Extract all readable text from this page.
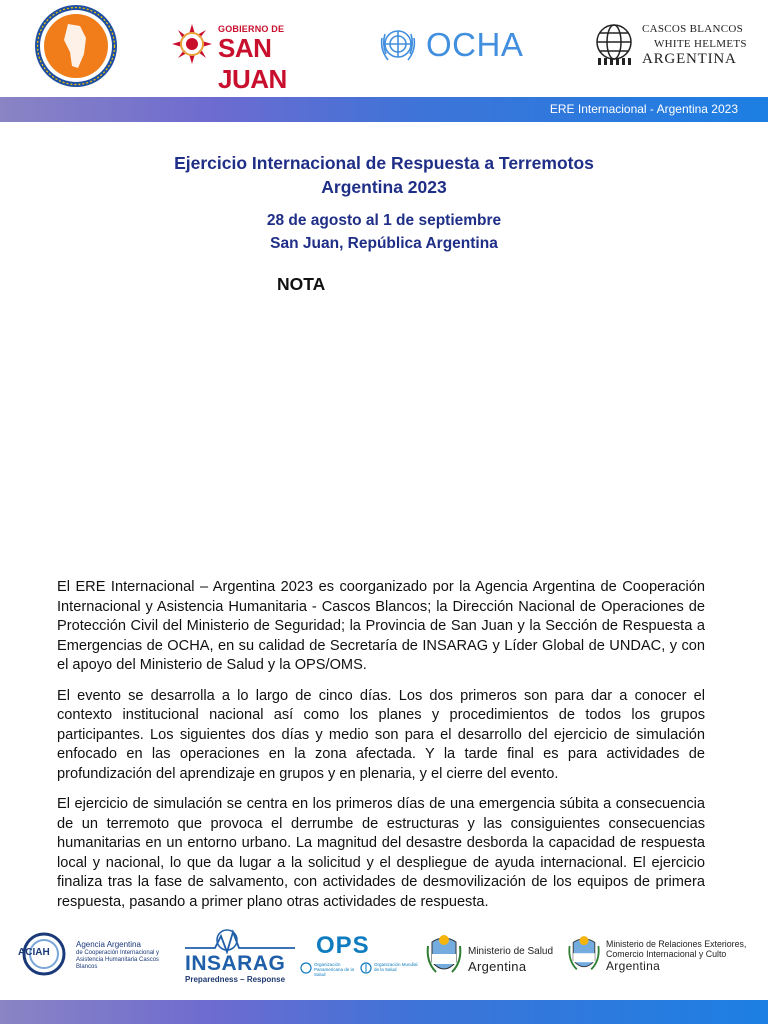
GOBIERNO DE
SAN JUAN
OCHA	CASCOS BLANCOS
WHITE HELMETS
ARGENTINA
ERE Internacional - Argentina 2023
Ejercicio Internacional de Respuesta a Terremotos
Argentina 2023
28 de agosto al 1 de septiembre
San Juan, República Argentina
NOTA

El ERE Internacional – Argentina 2023 es coorganizado por la Agencia Argentina de Cooperación Internacional y Asistencia Humanitaria - Cascos Blancos; la Dirección Nacional de Operaciones de Protección Civil del Ministerio de Seguridad; la Provincia de San Juan y la Sección de Respuesta a Emergencias de OCHA, en su calidad de Secretaría de INSARAG y Líder Global de UNDAC, y con el apoyo del Ministerio de Salud y la OPS/OMS.

El evento se desarrolla a lo largo de cinco días. Los dos primeros son para dar a conocer el contexto institucional nacional así como los planes y procedimientos de todos los grupos participantes. Los siguientes dos días y medio son para el desarrollo del ejercicio de simulación enfocado en las operaciones en la zona afectada. Y la tarde final es para actividades de profundización del aprendizaje en grupos y en plenaria, y el cierre del evento.

El ejercicio de simulación se centra en los primeros días de una emergencia súbita a consecuencia de un terremoto que provoca el derrumbe de estructuras y las consiguientes consecuencias humanitarias en un entorno urbano. La magnitud del desastre desborda la capacidad de respuesta local y nacional, lo que da lugar a la solicitud y el despliegue de ayuda internacional. El ejercicio finaliza tras la fase de salvamento, con actividades de desmovilización de los equipos de primera respuesta, pasando a primer plano otras actividades de respuesta.

ACIAH
Agencia Argentina
de Cooperación Internacional y Asistencia Humanitaria Cascos Blancos	INSARAG
Preparedness – Response
OPS
Organización Panamericana de la Salud
Organización Mundial de la Salud
Ministerio de Salud
Argentina
Ministerio de Relaciones Exteriores,
Comercio Internacional y Culto
Argentina
